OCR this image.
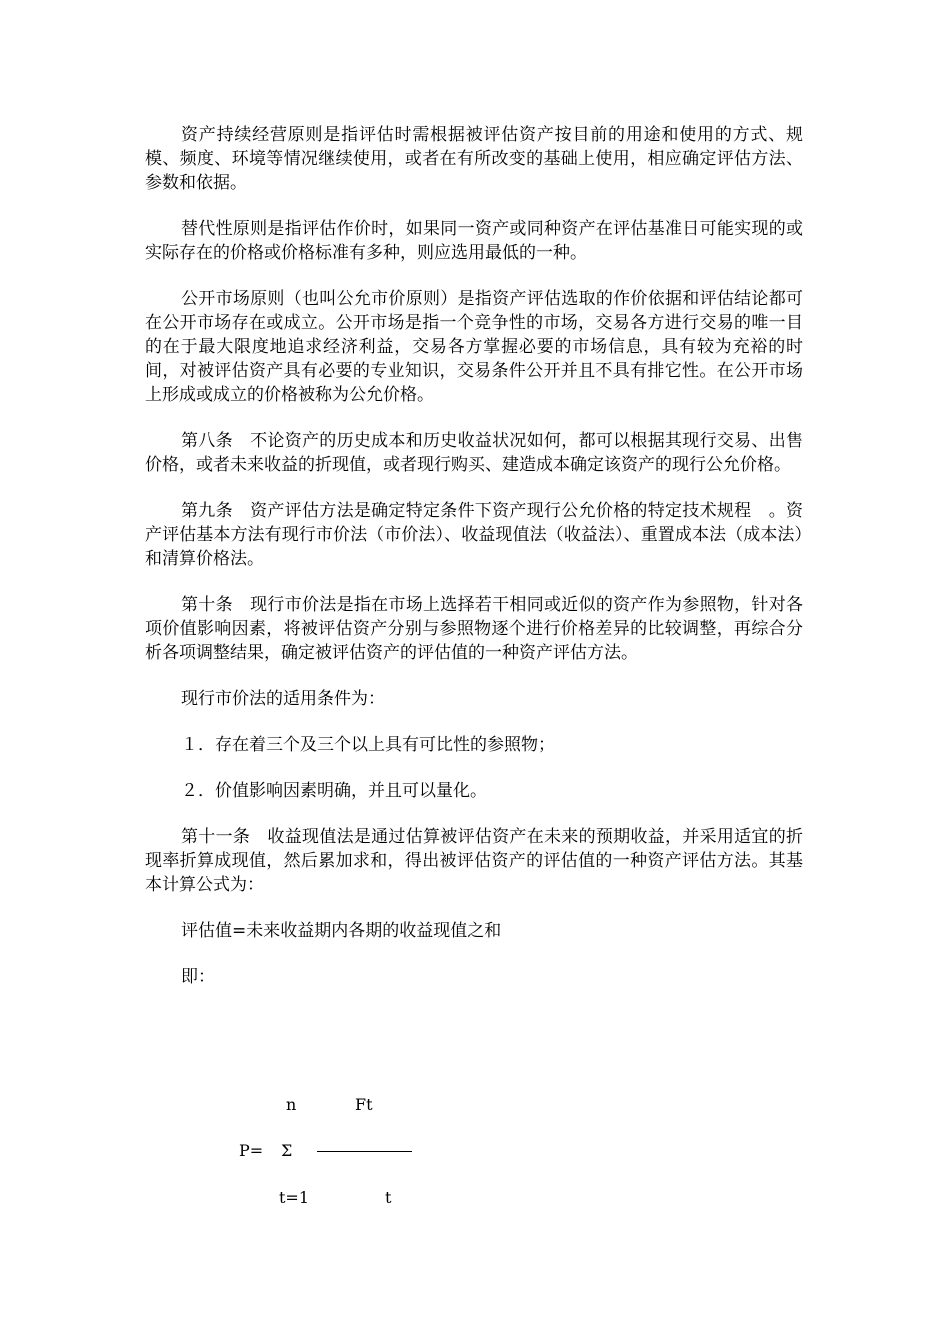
资产持续经营原则是指评估时需根据被评估资产按目前的用途和使用的方式、规模、频度、环境等情况继续使用，或者在有所改变的基础上使用，相应确定评估方法、参数和依据。

替代性原则是指评估作价时，如果同一资产或同种资产在评估基准日可能实现的或实际存在的价格或价格标准有多种，则应选用最低的一种。

公开市场原则（也叫公允市价原则）是指资产评估选取的作价依据和评估结论都可在公开市场存在或成立。公开市场是指一个竞争性的市场，交易各方进行交易的唯一目的在于最大限度地追求经济利益，交易各方掌握必要的市场信息，具有较为充裕的时间，对被评估资产具有必要的专业知识，交易条件公开并且不具有排它性。在公开市场上形成或成立的价格被称为公允价格。

第八条　不论资产的历史成本和历史收益状况如何，都可以根据其现行交易、出售价格，或者未来收益的折现值，或者现行购买、建造成本确定该资产的现行公允价格。

第九条　资产评估方法是确定特定条件下资产现行公允价格的特定技术规程　。资产评估基本方法有现行市价法（市价法）、收益现值法（收益法）、重置成本法（成本法）和清算价格法。

第十条　现行市价法是指在市场上选择若干相同或近似的资产作为参照物，针对各项价值影响因素，将被评估资产分别与参照物逐个进行价格差异的比较调整，再综合分析各项调整结果，确定被评估资产的评估值的一种资产评估方法。

现行市价法的适用条件为：

１．存在着三个及三个以上具有可比性的参照物；

２．价值影响因素明确，并且可以量化。

第十一条　收益现值法是通过估算被评估资产在未来的预期收益，并采用适宜的折现率折算成现值，然后累加求和，得出被评估资产的评估值的一种资产评估方法。其基本计算公式为：

评估值=未来收益期内各期的收益现值之和

即：

n	Ft
P= Σ
t=1	t
